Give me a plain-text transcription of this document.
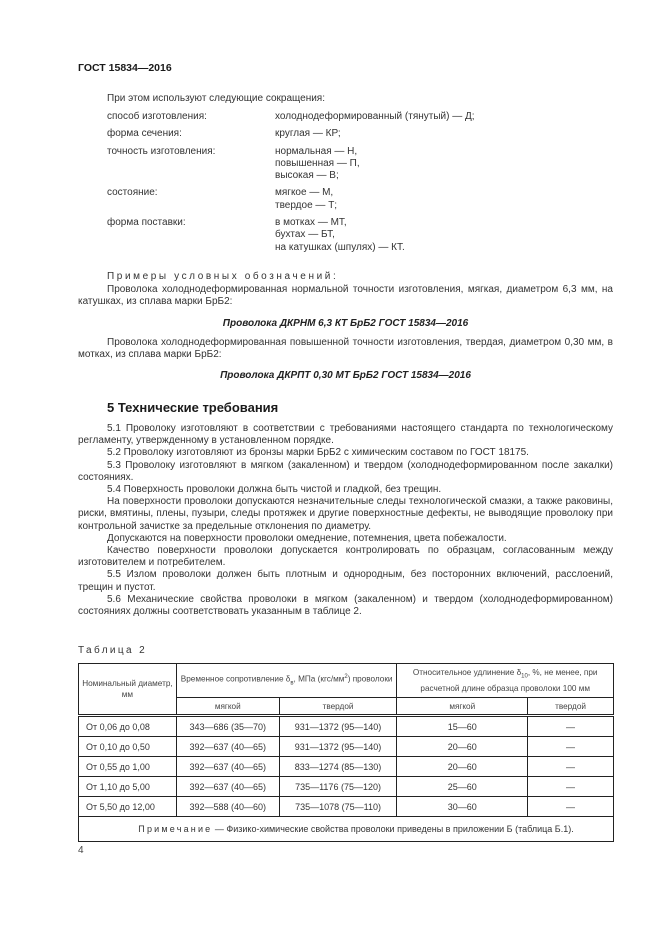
ГОСТ 15834—2016
При этом используют следующие сокращения:
способ изготовления:	холоднодеформированный (тянутый) — Д;
форма сечения:	круглая — КР;
точность изготовления:	нормальная — Н,
повышенная — П,
высокая — В;
состояние:	мягкое — М,
твердое — Т;
форма поставки:	в мотках — МТ,
бухтах — БТ,
на катушках (шпулях) — КТ.
Примеры условных обозначений:
Проволока холоднодеформированная нормальной точности изготовления, мягкая, диаметром 6,3 мм, на катушках, из сплава марки БрБ2:
Проволока ДКРНМ 6,3 КТ БрБ2 ГОСТ 15834—2016
Проволока холоднодеформированная повышенной точности изготовления, твердая, диаметром 0,30 мм, в мотках, из сплава марки БрБ2:
Проволока ДКРПТ 0,30 МТ БрБ2 ГОСТ 15834—2016
5 Технические требования

5.1 Проволоку изготовляют в соответствии с требованиями настоящего стандарта по технологическому регламенту, утвержденному в установленном порядке.

5.2 Проволоку изготовляют из бронзы марки БрБ2 с химическим составом по ГОСТ 18175.

5.3 Проволоку изготовляют в мягком (закаленном) и твердом (холоднодеформированном после закалки) состояниях.

5.4 Поверхность проволоки должна быть чистой и гладкой, без трещин.

На поверхности проволоки допускаются незначительные следы технологической смазки, а также раковины, риски, вмятины, плены, пузыри, следы протяжек и другие поверхностные дефекты, не выводящие проволоку при контрольной зачистке за предельные отклонения по диаметру.

Допускаются на поверхности проволоки омеднение, потемнения, цвета побежалости.

Качество поверхности проволоки допускается контролировать по образцам, согласованным между изготовителем и потребителем.

5.5 Излом проволоки должен быть плотным и однородным, без посторонних включений, расслоений, трещин и пустот.

5.6 Механические свойства проволоки в мягком (закаленном) и твердом (холоднодеформированном) состояниях должны соответствовать указанным в таблице 2.

Таблица 2
Номинальный диаметр, мм	Временное сопротивление $\delta_в$, МПа $(кгс/мм^2)$ проволоки		Относительное удлинение $\delta_{10}$, %, не менее, при расчетной длине образца проволоки 100 мм	
	мягкой	твердой	мягкой	твердой
От 0,06 до 0,08	343—686 (35—70)	931—1372 (95—140)	15—60	—
От 0,10 до 0,50	392—637 (40—65)	931—1372 (95—140)	20—60	—
От 0,55 до 1,00	392—637 (40—65)	833—1274 (85—130)	20—60	—
От 1,10 до 5,00	392—637 (40—65)	735—1176 (75—120)	25—60	—
От 5,50 до 12,00	392—588 (40—60)	735—1078 (75—110)	30—60	—
Примечание — Физико-химические свойства проволоки приведены в приложении Б (таблица Б.1).				
4
